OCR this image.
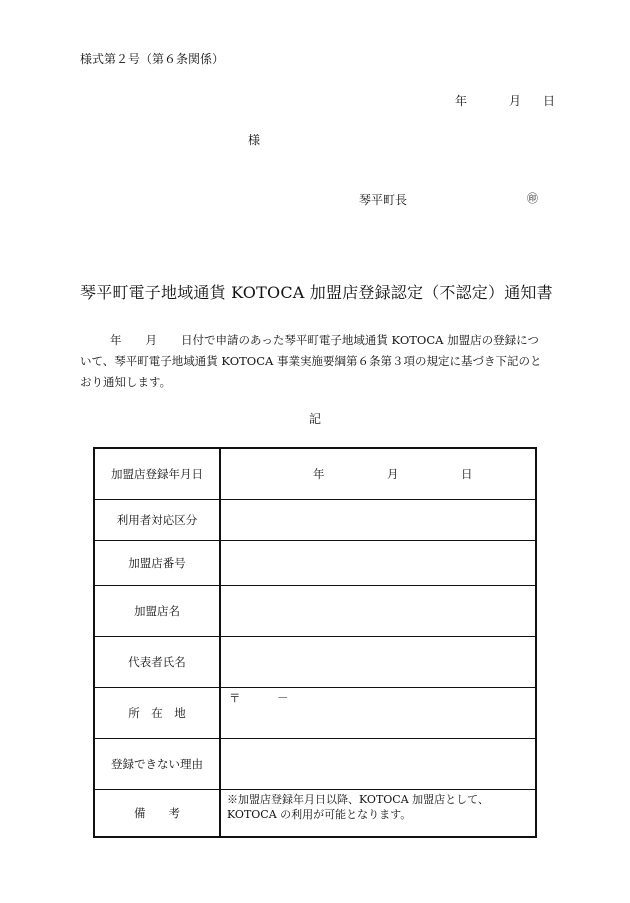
様式第２号（第６条関係）
年	月 日
様
琴平町長	㊞
琴平町電子地域通貨 KOTOCA 加盟店登録認定（不認定）通知書
年 月 日付で申請のあった琴平町電子地域通貨 KOTOCA 加盟店の登録につ
いて、琴平町電子地域通貨 KOTOCA 事業実施要綱第６条第３項の規定に基づき下記のと
おり通知します。
記
加盟店登録年月日	年 月 日
利用者対応区分	
加盟店番号	
加盟店名	
代表者氏名	
所　在　地	〒 －
登録できない理由	
備　　考	※加盟店登録年月日以降、KOTOCA 加盟店として、
KOTOCA の利用が可能となります。
